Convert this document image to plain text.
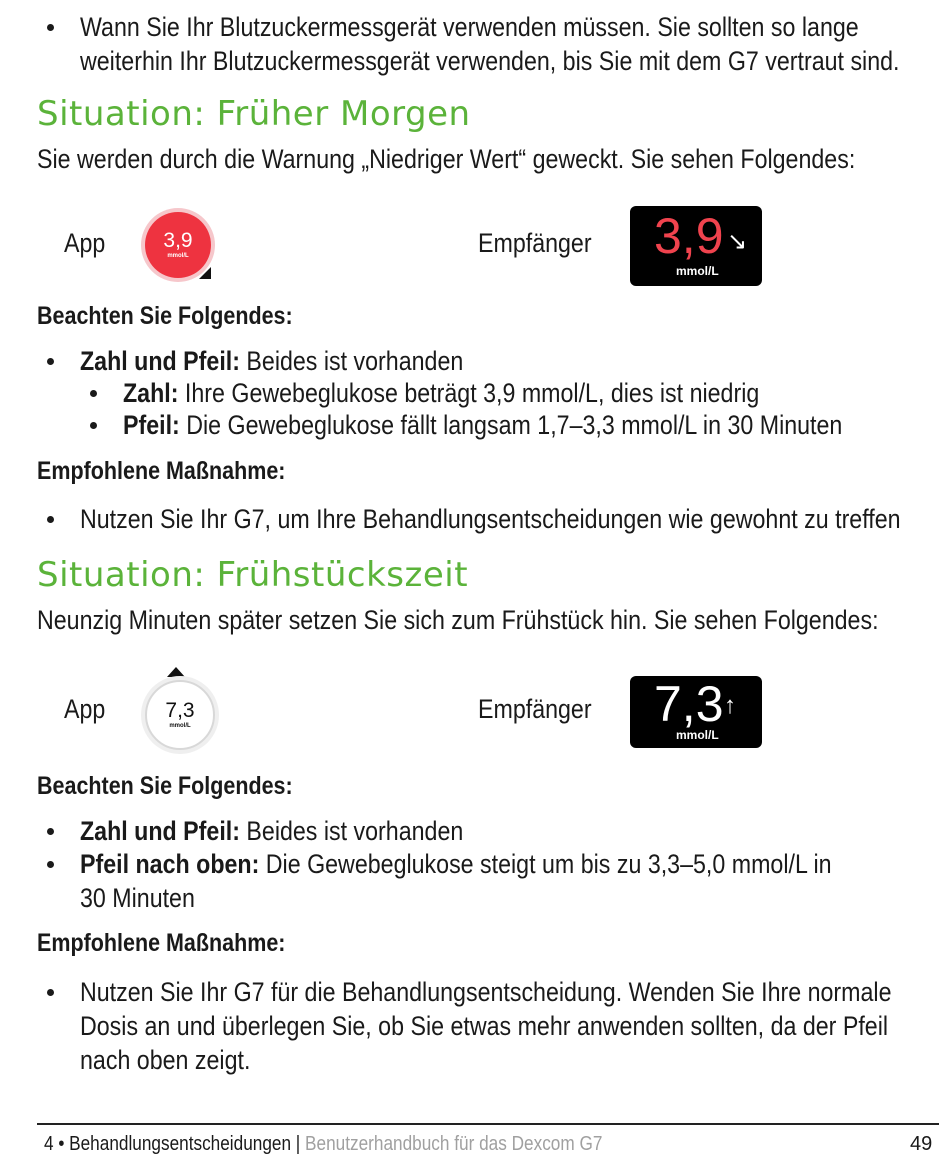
Wann Sie Ihr Blutzuckermessgerät verwenden müssen. Sie sollten so lange
weiterhin Ihr Blutzuckermessgerät verwenden, bis Sie mit dem G7 vertraut sind.
Situation: Früher Morgen
Sie werden durch die Warnung „Niedriger Wert“ geweckt. Sie sehen Folgendes:
App	3,9
mmol/L	Empfänger 3,9 ↘
mmol/L
Beachten Sie Folgendes:
Zahl und Pfeil: Beides ist vorhanden
Zahl: Ihre Gewebeglukose beträgt 3,9 mmol/L, dies ist niedrig
Pfeil: Die Gewebeglukose fällt langsam 1,7–3,3 mmol/L in 30 Minuten
Empfohlene Maßnahme:
Nutzen Sie Ihr G7, um Ihre Behandlungsentscheidungen wie gewohnt zu treffen
Situation: Frühstückszeit
Neunzig Minuten später setzen Sie sich zum Frühstück hin. Sie sehen Folgendes:
App	7,3
mmol/L
Empfänger 7,3 ↑
mmol/L
Beachten Sie Folgendes:
Zahl und Pfeil: Beides ist vorhanden
Pfeil nach oben: Die Gewebeglukose steigt um bis zu 3,3–5,0 mmol/L in
30 Minuten
Empfohlene Maßnahme:
Nutzen Sie Ihr G7 für die Behandlungsentscheidung. Wenden Sie Ihre normale
Dosis an und überlegen Sie, ob Sie etwas mehr anwenden sollten, da der Pfeil
nach oben zeigt.
4 • Behandlungsentscheidungen | Benutzerhandbuch für das Dexcom G7	49
